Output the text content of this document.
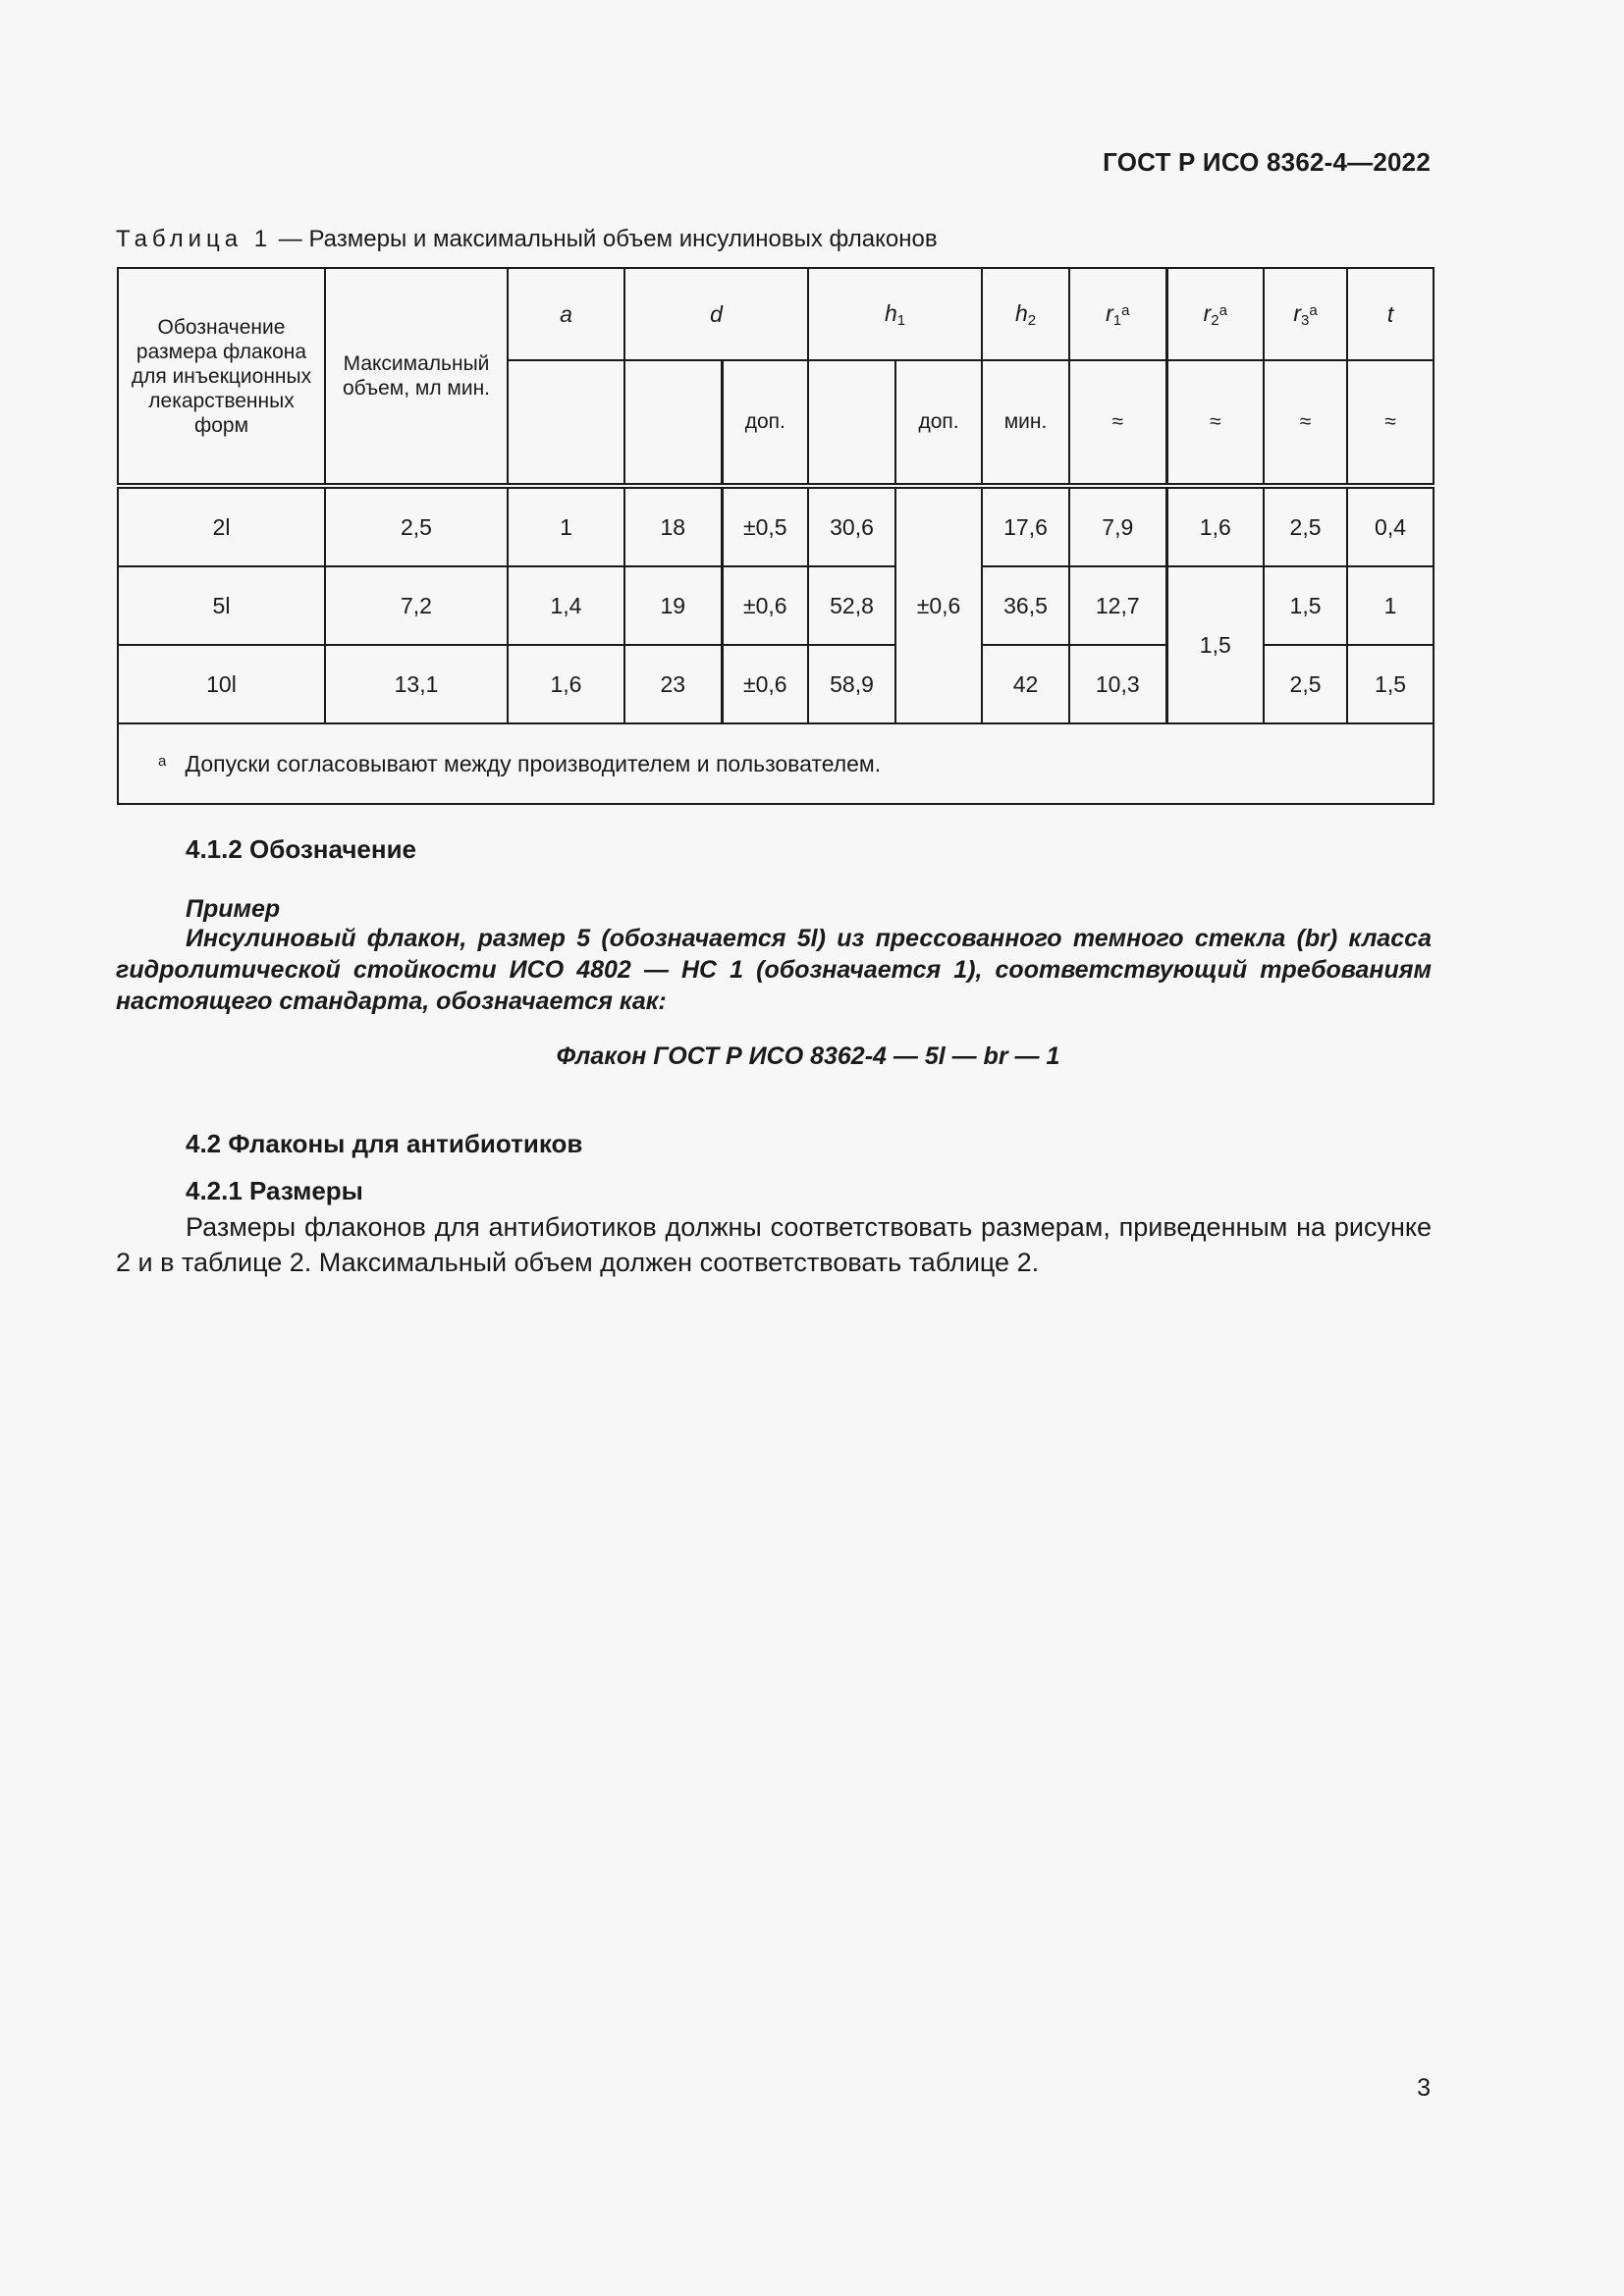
ГОСТ Р ИСО 8362-4—2022
Таблица 1 — Размеры и максимальный объем инсулиновых флаконов
Обозначение размера флакона для инъекционных лекарственных форм	Максимальный объем, мл мин.	a	d		$h_1$		$h_2$	$r_1^a$	$r_2^a$	$r_3^a$	t
				доп.		доп.	мин.	≈	≈	≈	≈
2l	2,5	1	18	±0,5	30,6	±0,6	17,6	7,9	1,6	2,5	0,4
5l	7,2	1,4	19	±0,6	52,8		36,5	12,7	1,5	1,5	1
10l	13,1	1,6	23	±0,6	58,9		42	10,3		2,5	1,5
$^a$ Допуски согласовывают между производителем и пользователем.											
4.1.2 Обозначение
Пример
Инсулиновый флакон, размер 5 (обозначается 5l) из прессованного темного стекла (br) класса гидролитической стойкости ИСО 4802 — НС 1 (обозначается 1), соответствующий требованиям настоящего стандарта, обозначается как:
Флакон ГОСТ Р ИСО 8362-4 — 5l — br — 1
4.2 Флаконы для антибиотиков
4.2.1 Размеры
Размеры флаконов для антибиотиков должны соответствовать размерам, приведенным на рисунке 2 и в таблице 2. Максимальный объем должен соответствовать таблице 2.
3
